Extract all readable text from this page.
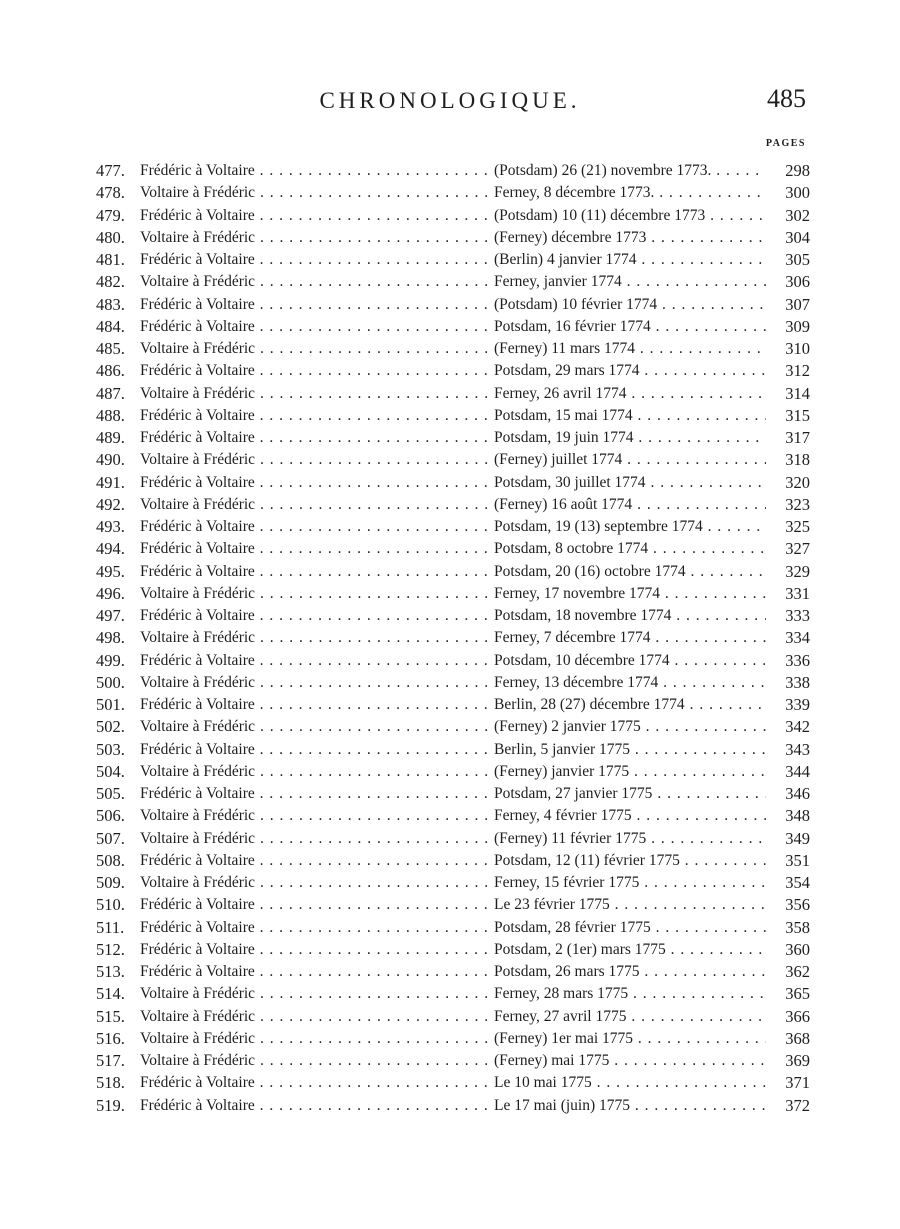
CHRONOLOGIQUE.	485
PAGES
477. Frédéric à Voltaire . . .	(Potsdam) 26 (21) novembre 1773. . . .	298
478. Voltaire à Frédéric . . .	Ferney, 8 décembre 1773. . . .	300
479. Frédéric à Voltaire . . .	(Potsdam) 10 (11) décembre 1773 . . .	302
480. Voltaire à Frédéric . . .	(Ferney) décembre 1773 . . .	304
481. Frédéric à Voltaire . . .	(Berlin) 4 janvier 1774 . . .	305
482. Voltaire à Frédéric . . .	Ferney, janvier 1774 . . .	306
483. Frédéric à Voltaire . . .	(Potsdam) 10 février 1774 . . .	307
484. Frédéric à Voltaire . . .	Potsdam, 16 février 1774 . . .	309
485. Voltaire à Frédéric . . .	(Ferney) 11 mars 1774 . . .	310
486. Frédéric à Voltaire . . .	Potsdam, 29 mars 1774 . . .	312
487. Voltaire à Frédéric . . .	Ferney, 26 avril 1774 . . .	314
488. Frédéric à Voltaire . . .	Potsdam, 15 mai 1774 . . .	315
489. Frédéric à Voltaire . . .	Potsdam, 19 juin 1774 . . .	317
490. Voltaire à Frédéric . . .	(Ferney) juillet 1774 . . .	318
491. Frédéric à Voltaire . . .	Potsdam, 30 juillet 1774 . . .	320
492. Voltaire à Frédéric . . .	(Ferney) 16 août 1774 . . .	323
493. Frédéric à Voltaire . . .	Potsdam, 19 (13) septembre 1774 . . .	325
494. Frédéric à Voltaire . . .	Potsdam, 8 octobre 1774 . . .	327
495. Frédéric à Voltaire . . .	Potsdam, 20 (16) octobre 1774 . . .	329
496. Voltaire à Frédéric . . .	Ferney, 17 novembre 1774 . . .	331
497. Frédéric à Voltaire . . .	Potsdam, 18 novembre 1774 . . .	333
498. Voltaire à Frédéric . . .	Ferney, 7 décembre 1774 . . .	334
499. Frédéric à Voltaire . . .	Potsdam, 10 décembre 1774 . . .	336
500. Voltaire à Frédéric . . .	Ferney, 13 décembre 1774 . . .	338
501. Frédéric à Voltaire . . .	Berlin, 28 (27) décembre 1774 . . .	339
502. Voltaire à Frédéric . . .	(Ferney) 2 janvier 1775 . . .	342
503. Frédéric à Voltaire . . .	Berlin, 5 janvier 1775 . . .	343
504. Voltaire à Frédéric . . .	(Ferney) janvier 1775 . . .	344
505. Frédéric à Voltaire . . .	Potsdam, 27 janvier 1775 . . .	346
506. Voltaire à Frédéric . . .	Ferney, 4 février 1775 . . .	348
507. Voltaire à Frédéric . . .	(Ferney) 11 février 1775 . . .	349
508. Frédéric à Voltaire . . .	Potsdam, 12 (11) février 1775 . . .	351
509. Voltaire à Frédéric . . .	Ferney, 15 février 1775 . . .	354
510. Frédéric à Voltaire . . .	Le 23 février 1775 . . .	356
511.	Frédéric à Voltaire . . .	Potsdam, 28 février 1775 . . .	358
512. Frédéric à Voltaire . . .	Potsdam, 2 (1er) mars 1775 . . .	360
513. Frédéric à Voltaire . . .	Potsdam, 26 mars 1775 . . .	362
514. Voltaire à Frédéric . . .	Ferney, 28 mars 1775 . . .	365
515. Voltaire à Frédéric . . .	Ferney, 27 avril 1775 . . .	366
516. Voltaire à Frédéric . . .	(Ferney) 1er mai 1775 . . .	368
517. Voltaire à Frédéric . . .	(Ferney) mai 1775 . . .	369
518. Frédéric à Voltaire . . .	Le 10 mai 1775 . . .	371
519. Frédéric à Voltaire . . .	Le 17 mai (juin) 1775 . . .	372
